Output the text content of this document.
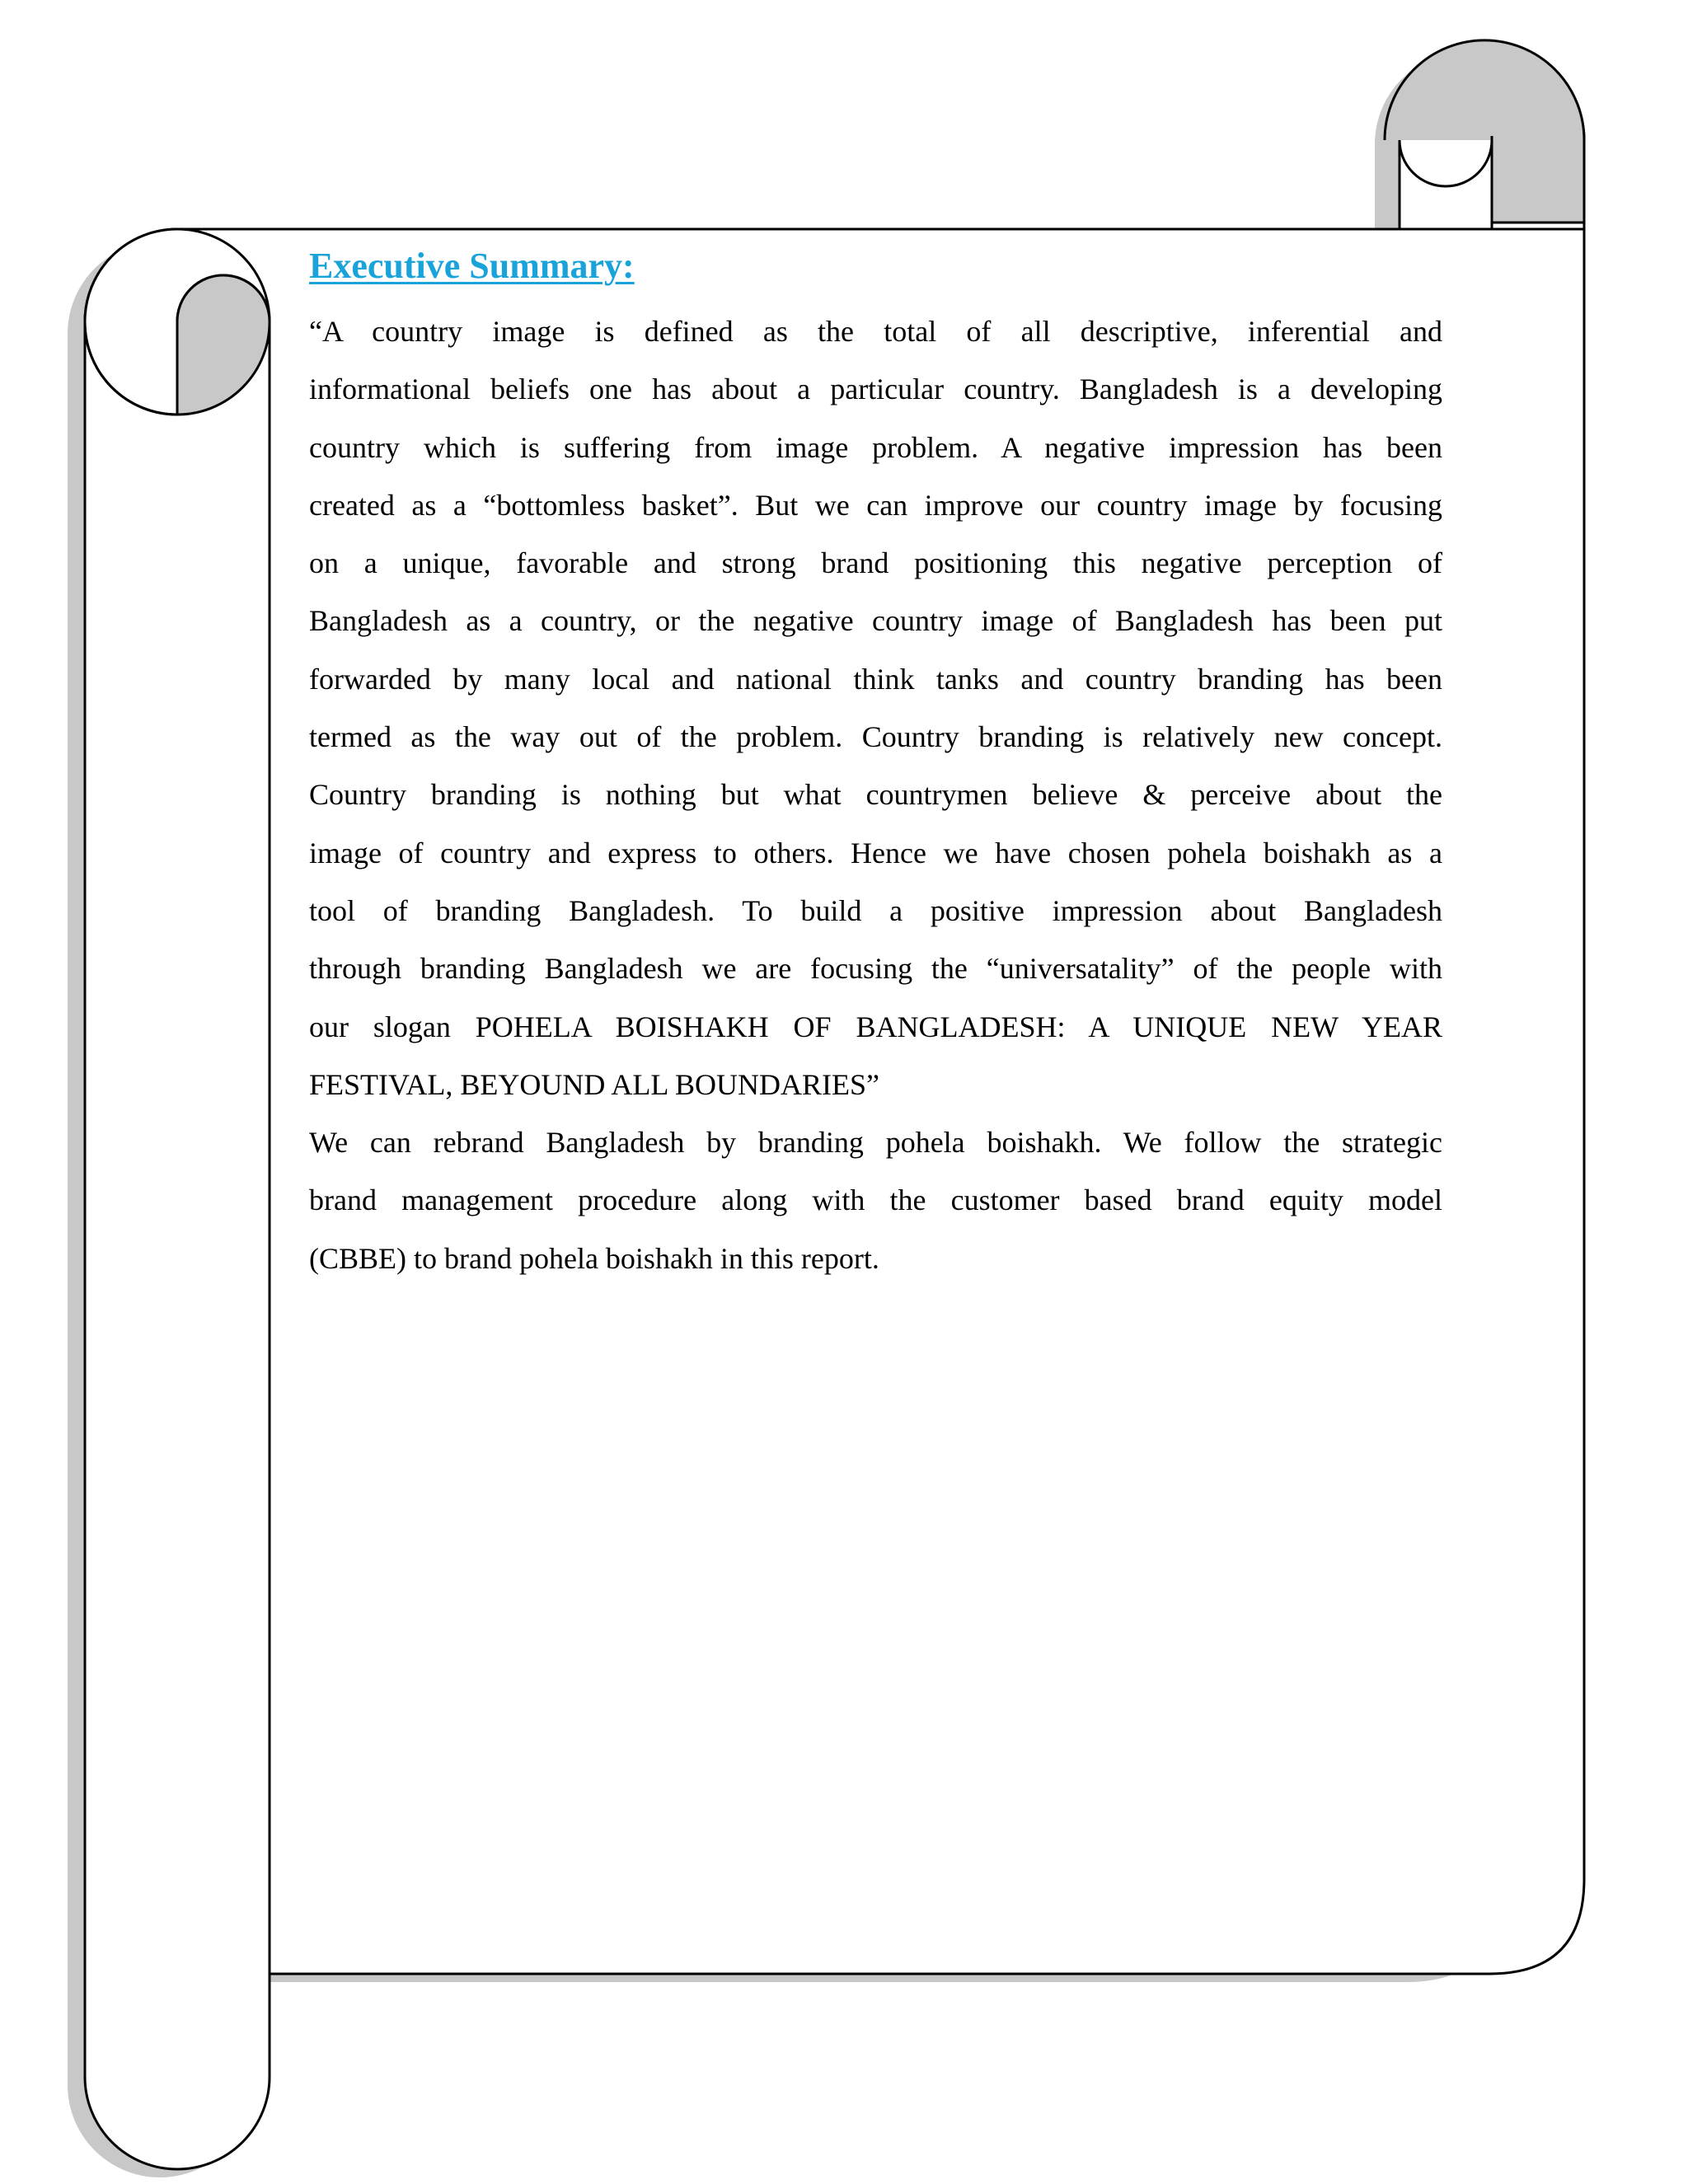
Executive Summary:

“A country image is defined as the total of all descriptive, inferential and

informational beliefs one has about a particular country. Bangladesh is a developing

country which is suffering from image problem. A negative impression has been

created as a “bottomless basket”. But we can improve our country image by focusing

on a unique, favorable and strong brand positioning this negative perception of

Bangladesh as a country, or the negative country image of Bangladesh has been put

forwarded by many local and national think tanks and country branding has been

termed as the way out of the problem. Country branding is relatively new concept.

Country branding is nothing but what countrymen believe & perceive about the

image of country and express to others. Hence we have chosen pohela boishakh as a

tool of branding Bangladesh. To build a positive impression about Bangladesh

through branding Bangladesh we are focusing the “universatality” of the people with

our slogan POHELA BOISHAKH OF BANGLADESH: A UNIQUE NEW YEAR

FESTIVAL, BEYOUND ALL BOUNDARIES”

We can rebrand Bangladesh by branding pohela boishakh. We follow the strategic

brand management procedure along with the customer based brand equity model

(CBBE) to brand pohela boishakh in this report.
